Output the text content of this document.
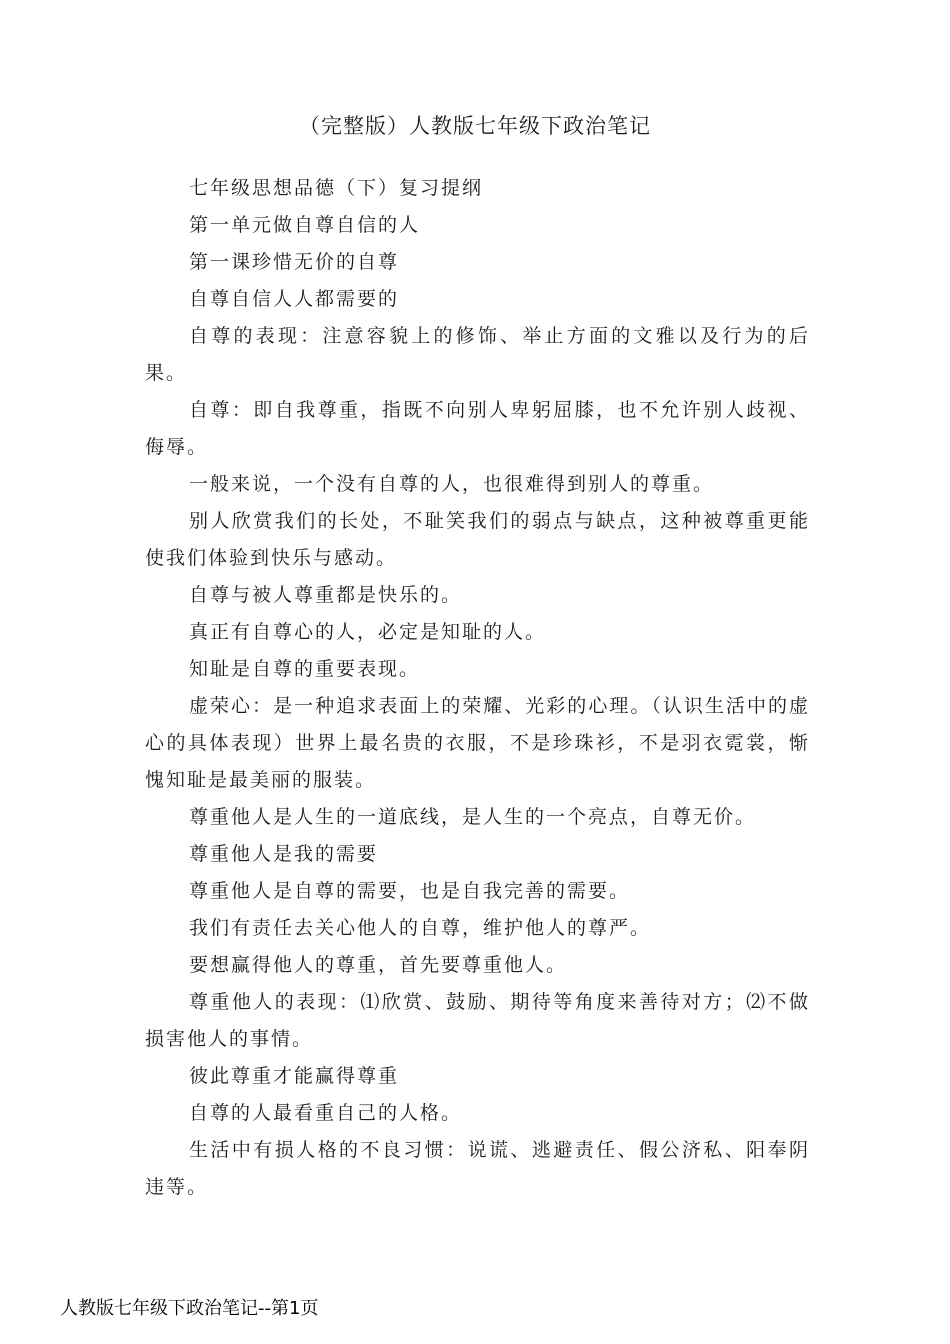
（完整版）人教版七年级下政治笔记

七年级思想品德（下）复习提纲

第一单元做自尊自信的人

第一课珍惜无价的自尊

自尊自信人人都需要的

自尊的表现：注意容貌上的修饰、举止方面的文雅以及行为的后果。

自尊：即自我尊重，指既不向别人卑躬屈膝，也不允许别人歧视、侮辱。

一般来说，一个没有自尊的人，也很难得到别人的尊重。

别人欣赏我们的长处，不耻笑我们的弱点与缺点，这种被尊重更能使我们体验到快乐与感动。

自尊与被人尊重都是快乐的。

真正有自尊心的人，必定是知耻的人。

知耻是自尊的重要表现。

虚荣心：是一种追求表面上的荣耀、光彩的心理。（认识生活中的虚心的具体表现）世界上最名贵的衣服，不是珍珠衫，不是羽衣霓裳，惭愧知耻是最美丽的服装。

尊重他人是人生的一道底线，是人生的一个亮点，自尊无价。

尊重他人是我的需要

尊重他人是自尊的需要，也是自我完善的需要。

我们有责任去关心他人的自尊，维护他人的尊严。

要想赢得他人的尊重，首先要尊重他人。

尊重他人的表现：⑴欣赏、鼓励、期待等角度来善待对方；⑵不做损害他人的事情。

彼此尊重才能赢得尊重

自尊的人最看重自己的人格。

生活中有损人格的不良习惯：说谎、逃避责任、假公济私、阳奉阴违等。

人教版七年级下政治笔记--第1页
